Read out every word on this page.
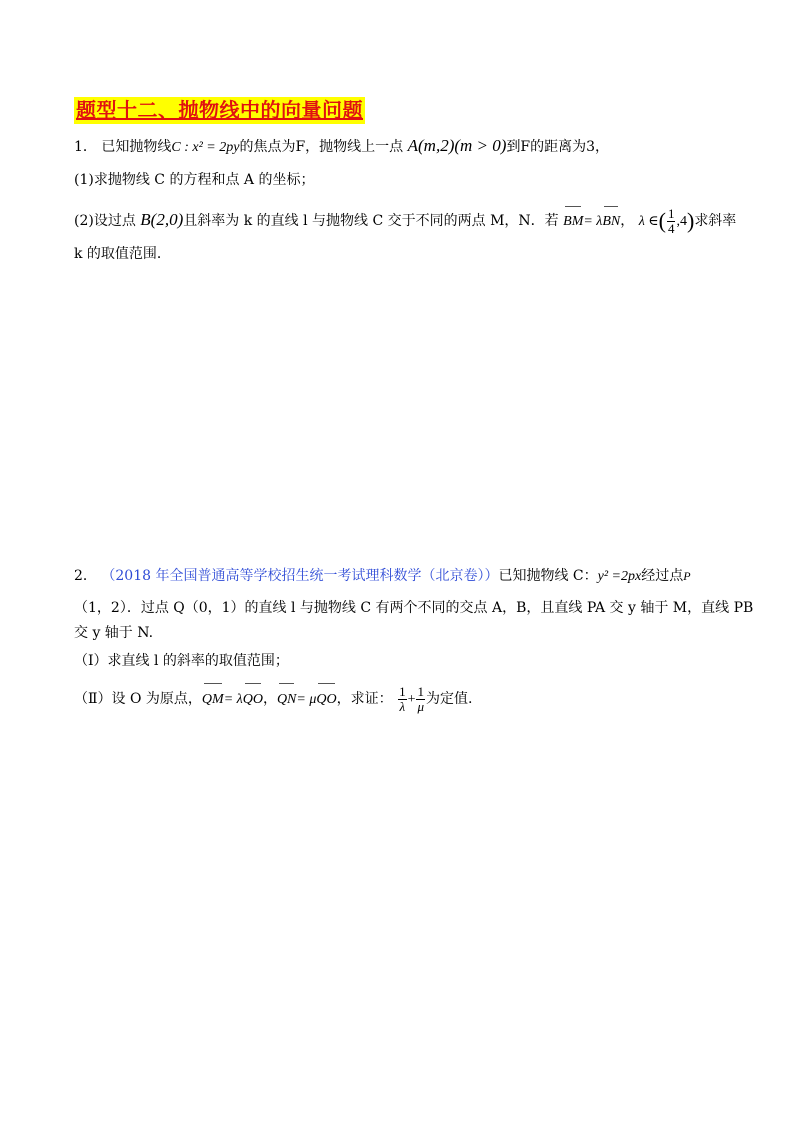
题型十二、抛物线中的向量问题
1． 已知抛物线C : x² = 2py的焦点为F，抛物线上一点 A(m,2)(m > 0)到F的距离为3，
(1)求抛物线 C 的方程和点 A 的坐标；
(2)设过点 B(2,0)且斜率为 k 的直线 l 与抛物线 C 交于不同的两点 M，N．若 BM= λBN， λ ∈( $\frac{1}{4} ,4$)求斜率
k 的取值范围．
2． （2018 年全国普通高等学校招生统一考试理科数学（北京卷））已知抛物线 C：y² =2px经过点P
（1，2）．过点 Q（0，1）的直线 l 与抛物线 C 有两个不同的交点 A，B，且直线 PA 交 y 轴于 M，直线 PB
交 y 轴于 N.
（Ⅰ）求直线 l 的斜率的取值范围；
（Ⅱ）设 O 为原点，QM= λQO，QN= μQO，求证： $\frac{1}{\lambda} + \frac{1}{\mu}$ 为定值.
